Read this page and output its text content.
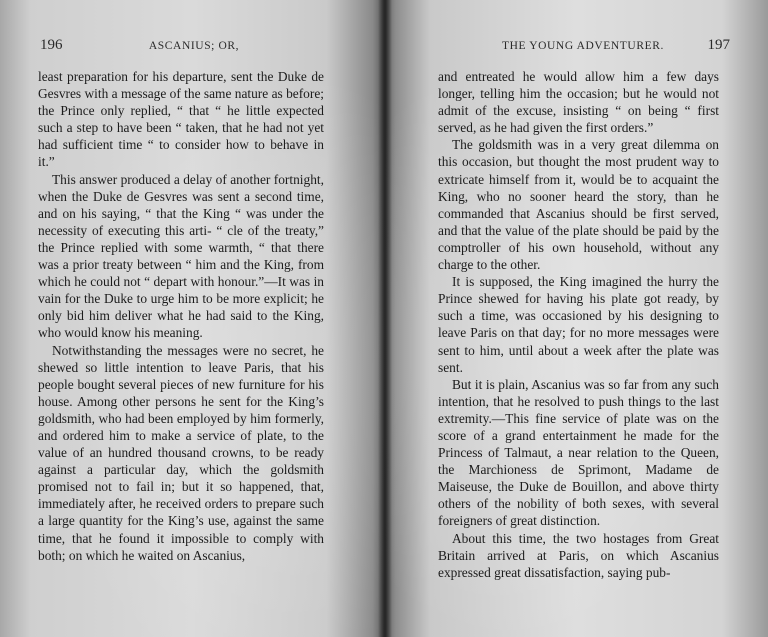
196	ASCANIUS; OR,

least preparation for his departure, sent the Duke de Gesvres with a message of the same nature as before; the Prince only replied, “ that “ he little expected such a step to have been “ taken, that he had not yet had sufficient time “ to consider how to behave in it.”

This answer produced a delay of another fortnight, when the Duke de Gesvres was sent a second time, and on his saying, “ that the King “ was under the necessity of executing this arti- “ cle of the treaty,” the Prince replied with some warmth, “ that there was a prior treaty between “ him and the King, from which he could not “ depart with honour.”—It was in vain for the Duke to urge him to be more explicit; he only bid him deliver what he had said to the King, who would know his meaning.

Notwithstanding the messages were no secret, he shewed so little intention to leave Paris, that his people bought several pieces of new furniture for his house. Among other persons he sent for the King’s goldsmith, who had been employed by him formerly, and ordered him to make a service of plate, to the value of an hundred thousand crowns, to be ready against a particular day, which the goldsmith promised not to fail in; but it so happened, that, immediately after, he received orders to prepare such a large quantity for the King’s use, against the same time, that he found it impossible to comply with both; on which he waited on Ascanius,

THE YOUNG ADVENTURER.	197

and entreated he would allow him a few days longer, telling him the occasion; but he would not admit of the excuse, insisting “ on being “ first served, as he had given the first orders.”

The goldsmith was in a very great dilemma on this occasion, but thought the most prudent way to extricate himself from it, would be to acquaint the King, who no sooner heard the story, than he commanded that Ascanius should be first served, and that the value of the plate should be paid by the comptroller of his own household, without any charge to the other.

It is supposed, the King imagined the hurry the Prince shewed for having his plate got ready, by such a time, was occasioned by his designing to leave Paris on that day; for no more messages were sent to him, until about a week after the plate was sent.

But it is plain, Ascanius was so far from any such intention, that he resolved to push things to the last extremity.—This fine service of plate was on the score of a grand entertainment he made for the Princess of Talmaut, a near relation to the Queen, the Marchioness de Sprimont, Madame de Maiseuse, the Duke de Bouillon, and above thirty others of the nobility of both sexes, with several foreigners of great distinction.

About this time, the two hostages from Great Britain arrived at Paris, on which Ascanius expressed great dissatisfaction, saying pub-
